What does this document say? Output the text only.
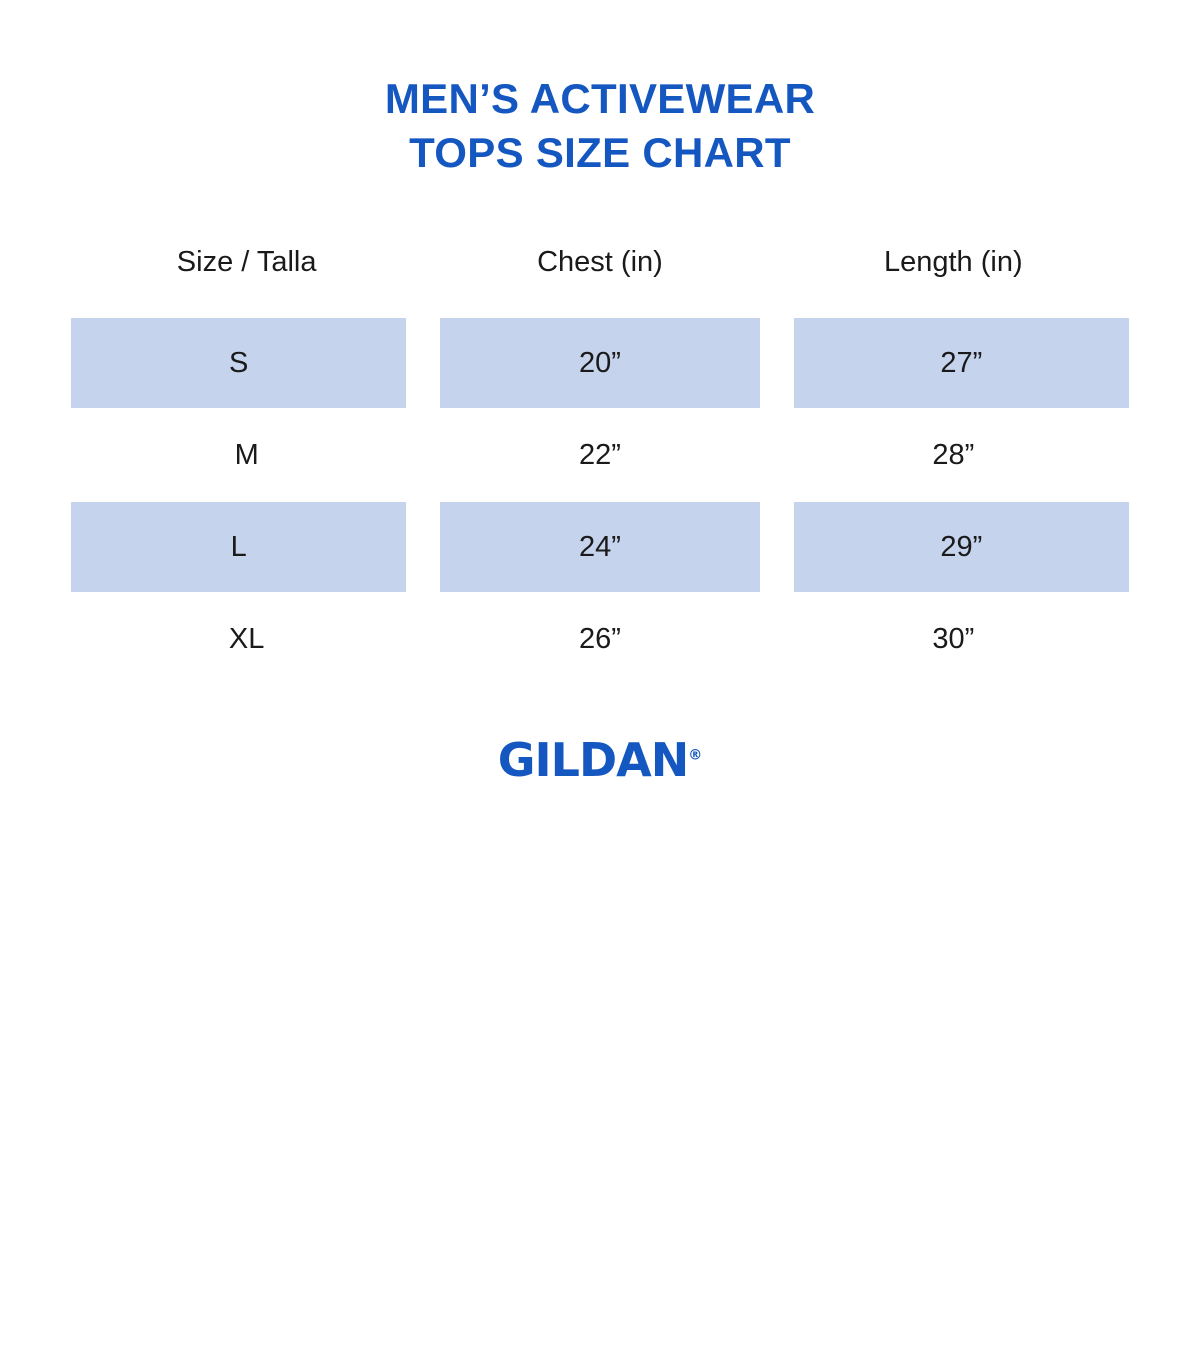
MEN’S ACTIVEWEAR
TOPS SIZE CHART
Size / Talla	Chest (in)	Length (in)

S	20”	27”

M	22”	28”

L	24”	29”

XL	26”	30”
GILDAN®
